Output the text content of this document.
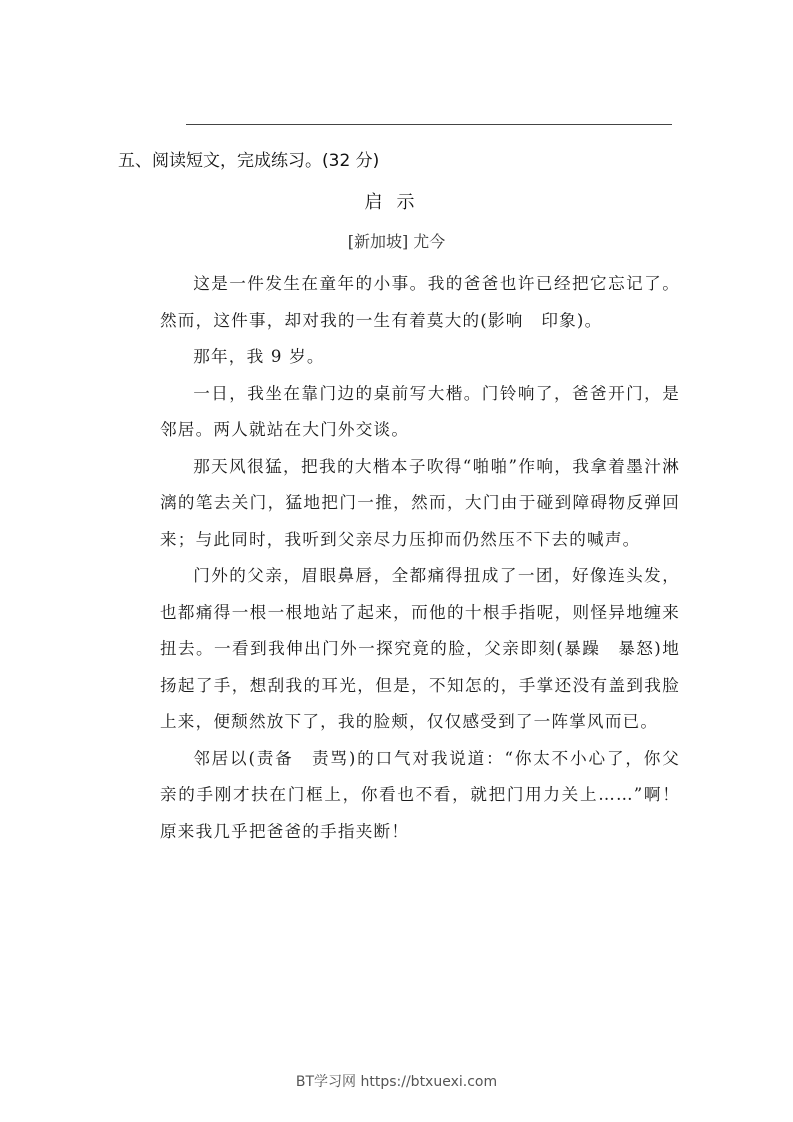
五、阅读短文，完成练习。(32 分)
启示
[新加坡] 尤今

这是一件发生在童年的小事。我的爸爸也许已经把它忘记了。然而，这件事，却对我的一生有着莫大的(影响　印象)。

那年，我 9 岁。

一日，我坐在靠门边的桌前写大楷。门铃响了，爸爸开门，是邻居。两人就站在大门外交谈。

那天风很猛，把我的大楷本子吹得“啪啪”作响，我拿着墨汁淋漓的笔去关门，猛地把门一推，然而，大门由于碰到障碍物反弹回来；与此同时，我听到父亲尽力压抑而仍然压不下去的喊声。

门外的父亲，眉眼鼻唇，全都痛得扭成了一团，好像连头发，也都痛得一根一根地站了起来，而他的十根手指呢，则怪异地缠来扭去。一看到我伸出门外一探究竟的脸，父亲即刻(暴躁　暴怒)地扬起了手，想刮我的耳光，但是，不知怎的，手掌还没有盖到我脸上来，便颓然放下了，我的脸颊，仅仅感受到了一阵掌风而已。

邻居以(责备　责骂)的口气对我说道：“你太不小心了，你父亲的手刚才扶在门框上，你看也不看，就把门用力关上……”啊！原来我几乎把爸爸的手指夹断！

BT学习网 https://btxuexi.com
